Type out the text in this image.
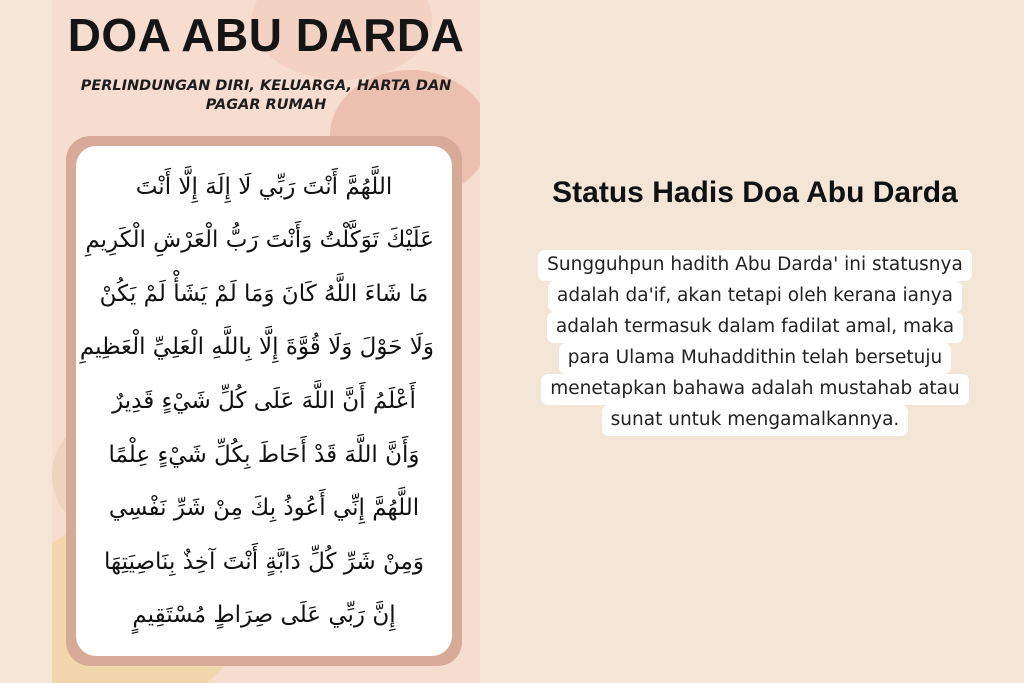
DOA ABU DARDA

PERLINDUNGAN DIRI, KELUARGA, HARTA DAN
PAGAR RUMAH

اللَّهُمَّ أَنْتَ رَبِّي لَا إِلَهَ إِلَّا أَنْتَ
عَلَيْكَ تَوَكَّلْتُ وَأَنْتَ رَبُّ الْعَرْشِ الْكَرِيمِ
مَا شَاءَ اللَّهُ كَانَ وَمَا لَمْ يَشَأْ لَمْ يَكُنْ
وَلَا حَوْلَ وَلَا قُوَّةَ إِلَّا بِاللَّهِ الْعَلِيِّ الْعَظِيمِ
أَعْلَمُ أَنَّ اللَّهَ عَلَى كُلِّ شَيْءٍ قَدِيرٌ
وَأَنَّ اللَّهَ قَدْ أَحَاطَ بِكُلِّ شَيْءٍ عِلْمًا
اللَّهُمَّ إِنِّي أَعُوذُ بِكَ مِنْ شَرِّ نَفْسِي
وَمِنْ شَرِّ كُلِّ دَابَّةٍ أَنْتَ آخِذٌ بِنَاصِيَتِهَا
إِنَّ رَبِّي عَلَى صِرَاطٍ مُسْتَقِيمٍ
Status Hadis Doa Abu Darda
Sungguhpun hadith Abu Darda' ini statusnya
adalah da'if, akan tetapi oleh kerana ianya
adalah termasuk dalam fadilat amal, maka
para Ulama Muhaddithin telah bersetuju
menetapkan bahawa adalah mustahab atau
sunat untuk mengamalkannya.
